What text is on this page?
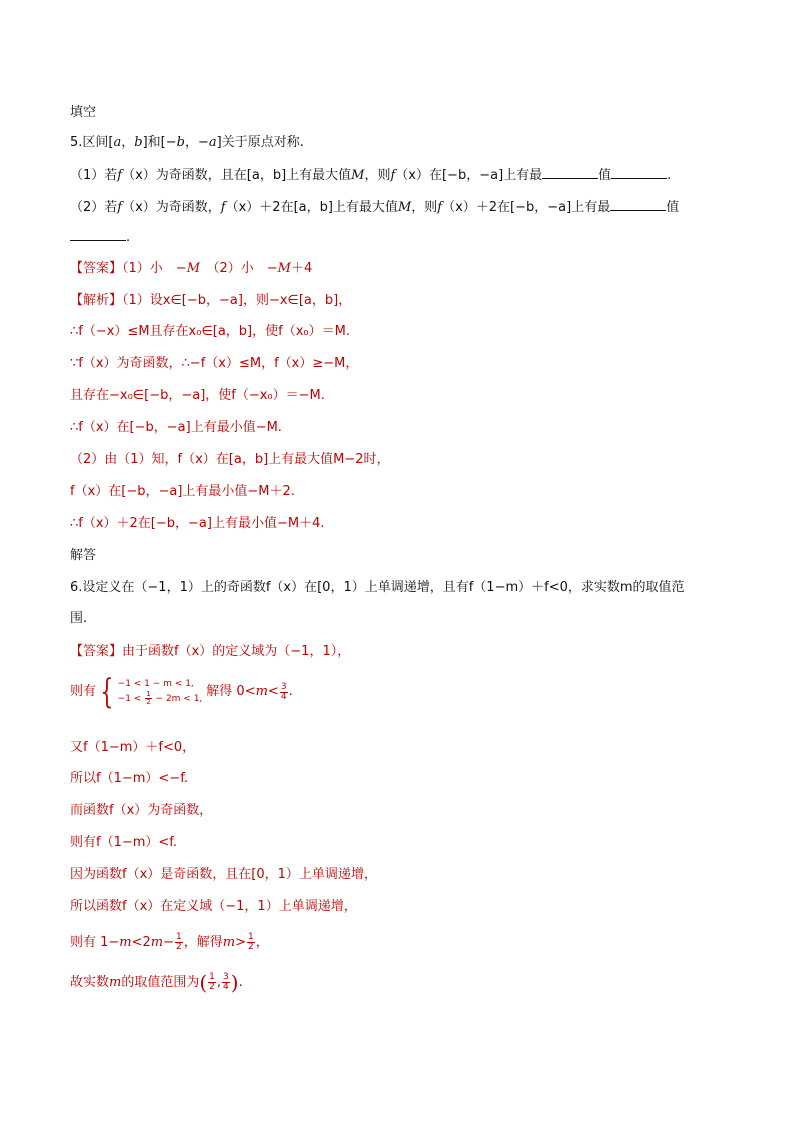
填空
5.区间[a，b]和[−b，−a]关于原点对称.
（1）若f（x）为奇函数，且在[a，b]上有最大值M，则f（x）在[−b，−a]上有最	值	.
（2）若f（x）为奇函数，f（x）＋2在[a，b]上有最大值M，则f（x）＋2在[−b，−a]上有最	值
.
【答案】（1）小　−M　（2）小　−M＋4
【解析】（1）设x∈[−b，−a]，则−x∈[a，b]，
∴f（−x）≤M且存在x₀∈[a，b]，使f（x₀）＝M.
∵f（x）为奇函数，∴−f（x）≤M，f（x）≥−M，
且存在−x₀∈[−b，−a]，使f（−x₀）＝−M.
∴f（x）在[−b，−a]上有最小值−M.
（2）由（1）知，f（x）在[a，b]上有最大值M−2时，
f（x）在[−b，−a]上有最小值−M＋2.
∴f（x）＋2在[−b，−a]上有最小值−M＋4.
解答
6.设定义在（−1，1）上的奇函数f（x）在[0，1）上单调递增，且有f（1−m）＋f<0，求实数m的取值范
围.
【答案】由于函数f（x）的定义域为（−1，1），
则有 { −1 < 1 − m < 1,
$-1 < \frac{1}{2} - 2m < 1$, 解得 $0<m< \frac{3}{4}$ .
又f（1−m）＋f<0，
所以f（1−m）<−f.
而函数f（x）为奇函数，
则有f（1−m）<f.
因为函数f（x）是奇函数，且在[0，1）上单调递增，
所以函数f（x）在定义域（−1，1）上单调递增，
则有 $1-m<2m- \frac{1}{2}$ ，解得$m> \frac{1}{2}$ ，
故实数m的取值范围为( $\frac{1}{2}$ , $\frac{3}{4}$ ).
